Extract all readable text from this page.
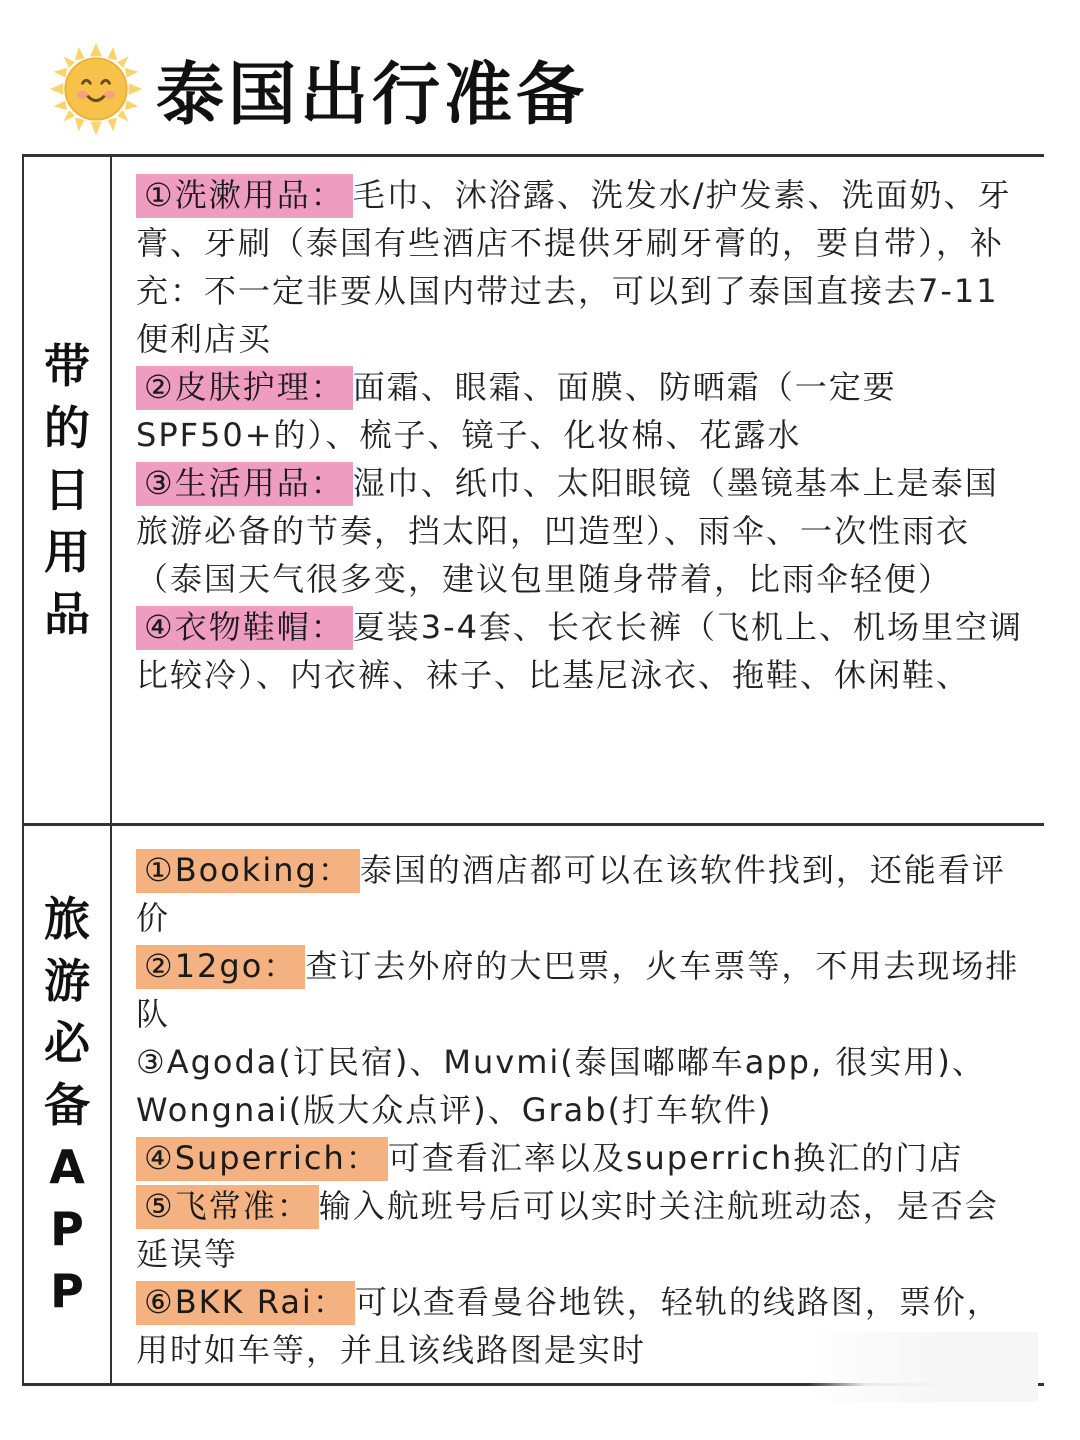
泰国出行准备
带
的
日
用
品

①洗漱用品： 毛巾、沐浴露、洗发水/护发素、洗面奶、牙膏、牙刷（泰国有些酒店不提供牙刷牙膏的，要自带），补充：不一定非要从国内带过去，可以到了泰国直接去7-11便利店买

②皮肤护理： 面霜、眼霜、面膜、防晒霜（一定要SPF50+的）、梳子、镜子、化妆棉、花露水

③生活用品： 湿巾、纸巾、太阳眼镜（墨镜基本上是泰国旅游必备的节奏，挡太阳，凹造型）、雨伞、一次性雨衣（泰国天气很多变，建议包里随身带着，比雨伞轻便）

④衣物鞋帽： 夏装3-4套、长衣长裤（飞机上、机场里空调比较冷）、内衣裤、袜子、比基尼泳衣、拖鞋、休闲鞋、

旅
游
必
备
A
P
P

①Booking： 泰国的酒店都可以在该软件找到，还能看评价

②12go： 查订去外府的大巴票，火车票等，不用去现场排队

③Agoda(订民宿)、Muvmi(泰国嘟嘟车app, 很实用)、Wongnai(版大众点评)、Grab(打车软件)

④Superrich： 可查看汇率以及superrich换汇的门店

⑤飞常准： 输入航班号后可以实时关注航班动态，是否会延误等

⑥BKK Rai： 可以查看曼谷地铁，轻轨的线路图，票价，用时如车等，并且该线路图是实时
